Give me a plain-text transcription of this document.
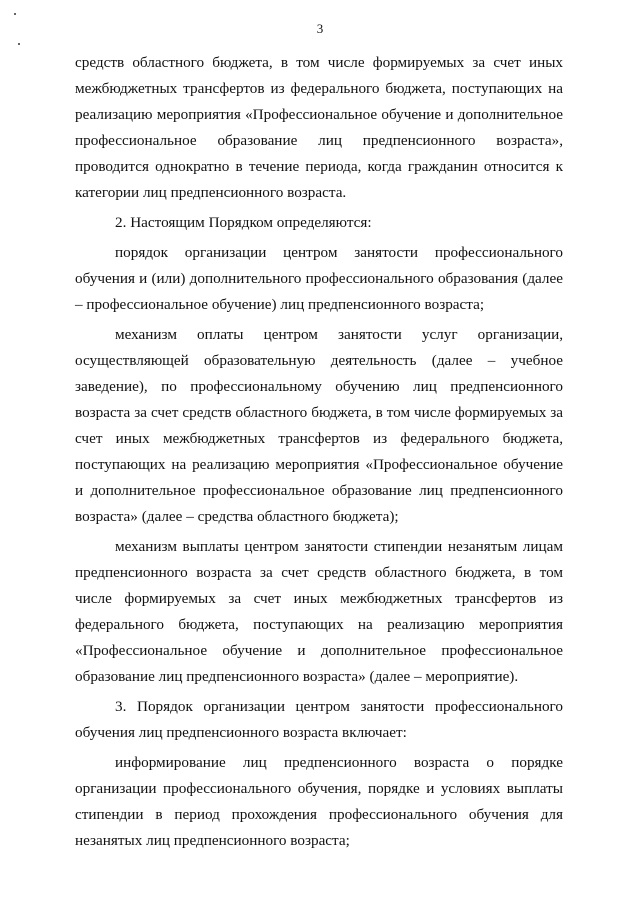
3

средств областного бюджета, в том числе формируемых за счет иных межбюджетных трансфертов из федерального бюджета, поступающих на реализацию мероприятия «Профессиональное обучение и дополнительное профессиональное образование лиц предпенсионного возраста», проводится однократно в течение периода, когда гражданин относится к категории лиц предпенсионного возраста.

2. Настоящим Порядком определяются:

порядок организации центром занятости профессионального обучения и (или) дополнительного профессионального образования (далее – профессиональное обучение) лиц предпенсионного возраста;

механизм оплаты центром занятости услуг организации, осуществляющей образовательную деятельность (далее – учебное заведение), по профессиональному обучению лиц предпенсионного возраста за счет средств областного бюджета, в том числе формируемых за счет иных межбюджетных трансфертов из федерального бюджета, поступающих на реализацию мероприятия «Профессиональное обучение и дополнительное профессиональное образование лиц предпенсионного возраста» (далее – средства областного бюджета);

механизм выплаты центром занятости стипендии незанятым лицам предпенсионного возраста за счет средств областного бюджета, в том числе формируемых за счет иных межбюджетных трансфертов из федерального бюджета, поступающих на реализацию мероприятия «Профессиональное обучение и дополнительное профессиональное образование лиц предпенсионного возраста» (далее – мероприятие).

3. Порядок организации центром занятости профессионального обучения лиц предпенсионного возраста включает:

информирование лиц предпенсионного возраста о порядке организации профессионального обучения, порядке и условиях выплаты стипендии в период прохождения профессионального обучения для незанятых лиц предпенсионного возраста;
